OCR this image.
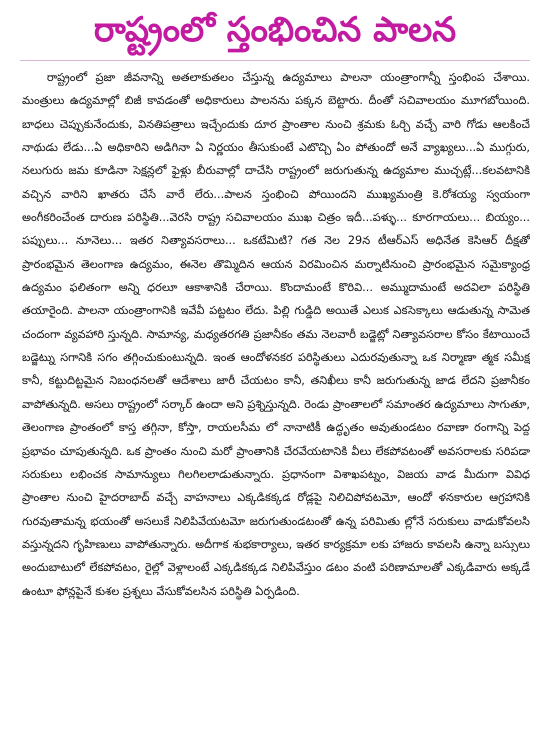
రాష్ట్రంలో స్తంభించిన పాలన

రాష్ట్రంలో ప్రజా జీవనాన్ని అతలాకుతలం చేస్తున్న ఉద్యమాలు పాలనా యంత్రాంగాన్నీ స్తంభింప చేశాయి. మంత్రులు ఉద్యమాల్లో బిజీ కావడంతో అధికారులు పాలనను పక్కన బెట్టారు. దీంతో సచివాలయం మూగబోయింది. బాధలు చెప్పుకునేందుకు, వినతిపత్రాలు ఇచ్చేందుకు దూర ప్రాంతాల నుంచి శ్రమకు ఓర్చి వచ్చే వారి గోడు ఆలకించే నాథుడు లేడు...ఏ అధికారిని అడిగినా ఏ నిర్ణయం తీసుకుంటే ఎటొచ్చి ఏం పోతుందో అనే వ్యాఖ్యలు...ఏ ముగ్గురు, నలుగురు జమ కూడినా సెక్షన్లలో ఫైళ్లు బీరువాల్లో దాచేసి రాష్ట్రంలో జరుగుతున్న ఉద్యమాల ముచ్చట్లే...కలవటానికి వచ్చిన వారిని ఖాతరు చేసే వారే లేరు...పాలన స్తంభించి పోయిందని ముఖ్యమంత్రి కె.రోశయ్య స్వయంగా అంగీకరించేంత దారుణ పరిస్థితి...వెరసి రాష్ట్ర సచివాలయం ముఖ చిత్రం ఇదీ...పళ్ళు... కూరగాయలు... బియ్యం... పప్పులు... నూనెలు... ఇతర నిత్యావసరాలు... ఒకటేమిటి? గత నెల 29న టీఆర్ఎస్ అధినేత కెసిఆర్ దీక్షతో ప్రారంభమైన తెలంగాణ ఉద్యమం, ఈనెల తొమ్మిదిన ఆయన విరమించిన మర్నాటినుంచి ప్రారంభమైన సమైక్యాంధ్ర ఉద్యమం ఫలితంగా అన్ని ధరలూ ఆకాశానికి చేరాయి. కొందామంటే కొరివి... అమ్ముదామంటే అదవిలా పరిస్థితి తయారైంది. పాలనా యంత్రాంగానికి ఇవేవీ పట్టటం లేదు. పిల్లి గుడ్డిది అయితే ఎలుక ఎకసెక్కాలు ఆడుతున్న సామెత చందంగా వ్యవహారి స్తున్నది. సామాన్య, మధ్యతరగతి ప్రజానీకం తమ నెలవారీ బడ్జెట్లో నిత్యావసరాల కోసం కేటాయించే బడ్జెట్ను సగానికి సగం తగ్గించుకుంటున్నది. ఇంత ఆందోళనకర పరిస్థితులు ఎదురవుతున్నా ఒక నిర్మాణా త్మక సమీక్ష కానీ, కట్టుదిట్టమైన నిబంధనలతో ఆదేశాలు జారీ చేయటం కానీ, తనిఖీలు కానీ జరుగుతున్న జాడ లేదని ప్రజానీకం వాపోతున్నది. అసలు రాష్ట్రంలో సర్కార్ ఉందా అని ప్రశ్నిస్తున్నది. రెండు ప్రాంతాలలో సమాంతర ఉద్యమాలు సాగుతూ, తెలంగాణ ప్రాంతంలో కాస్త తగ్గినా, కోస్తా, రాయలసీమ లో నానాటికీ ఉద్ధృతం అవుతుండటం రవాణా రంగాన్ని పెద్ద ప్రభావం చూపుతున్నది. ఒక ప్రాంతం నుంచి మరో ప్రాంతానికి చేరవేయటానికి వీలు లేకపోవటంతో అవసరాలకు సరిపడా సరుకులు లభించక సామాన్యులు గిలగిలలాడుతున్నారు. ప్రధానంగా విశాఖపట్నం, విజయ వాడ మీదుగా వివిధ ప్రాంతాల నుంచి హైదరాబాద్ వచ్చే వాహనాలు ఎక్కడికక్కడ రోడ్లపై నిలిచిపోవటమో, ఆందో ళనకారుల ఆగ్రహానికి గురవుతామన్న భయంతో అసలుకే నిలిపివేయటమో జరుగుతుండటంతో ఉన్న పరిమితు ల్లోనే సరుకులు వాడుకోవలసి వస్తున్నదని గృహిణులు వాపోతున్నారు. అదీగాక శుభకార్యాలు, ఇతర కార్యక్రమా లకు హాజరు కావలసి ఉన్నా బస్సులు అందుబాటులో లేకపోవటం, రైల్లో వెళ్లాలంటే ఎక్కడికక్కడ నిలిపివేస్తుం డటం వంటి పరిణామాలతో ఎక్కడివారు అక్కడే ఉంటూ ఫోన్లపైనే కుశల ప్రశ్నలు వేసుకోవలసిన పరిస్థితి ఏర్పడింది.
